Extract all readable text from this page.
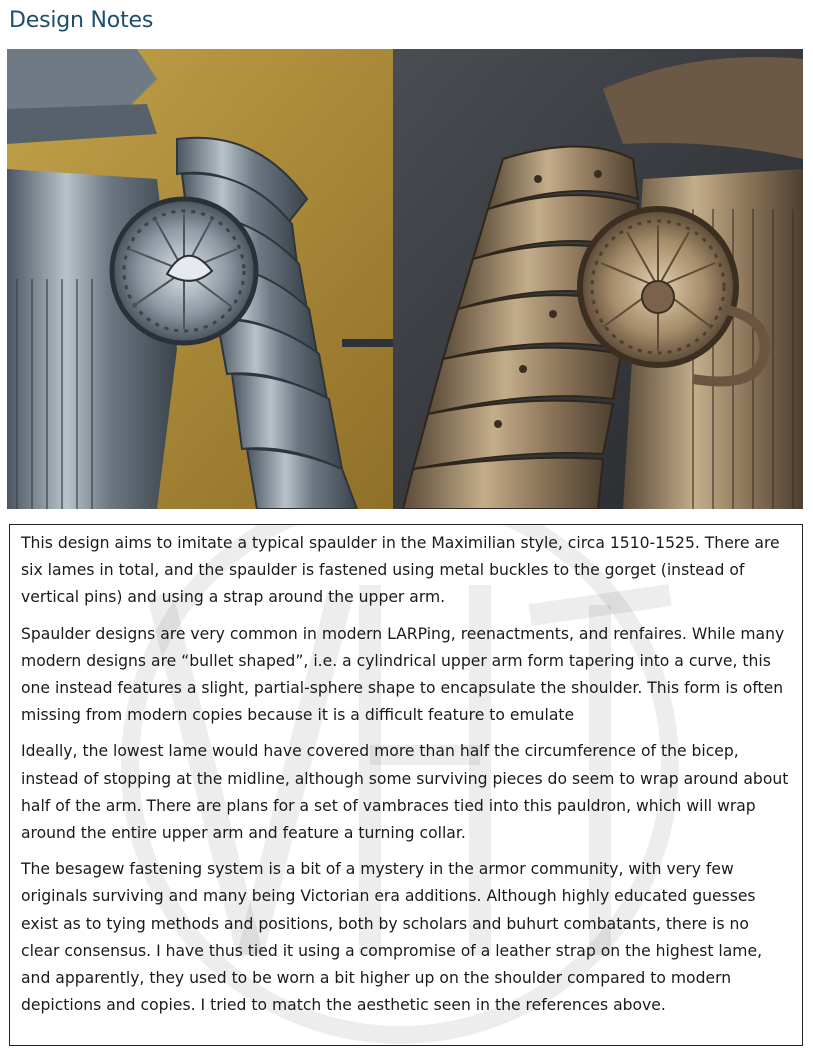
Design Notes

This design aims to imitate a typical spaulder in the Maximilian style, circa 1510-1525. There are six lames in total, and the spaulder is fastened using metal buckles to the gorget (instead of vertical pins) and using a strap around the upper arm.

Spaulder designs are very common in modern LARPing, reenactments, and renfaires. While many modern designs are “bullet shaped”, i.e. a cylindrical upper arm form tapering into a curve, this one instead features a slight, partial-sphere shape to encapsulate the shoulder. This form is often missing from modern copies because it is a difficult feature to emulate

Ideally, the lowest lame would have covered more than half the circumference of the bicep, instead of stopping at the midline, although some surviving pieces do seem to wrap around about half of the arm. There are plans for a set of vambraces tied into this pauldron, which will wrap around the entire upper arm and feature a turning collar.

The besagew fastening system is a bit of a mystery in the armor community, with very few originals surviving and many being Victorian era additions. Although highly educated guesses exist as to tying methods and positions, both by scholars and buhurt combatants, there is no clear consensus. I have thus tied it using a compromise of a leather strap on the highest lame, and apparently, they used to be worn a bit higher up on the shoulder compared to modern depictions and copies. I tried to match the aesthetic seen in the references above.
